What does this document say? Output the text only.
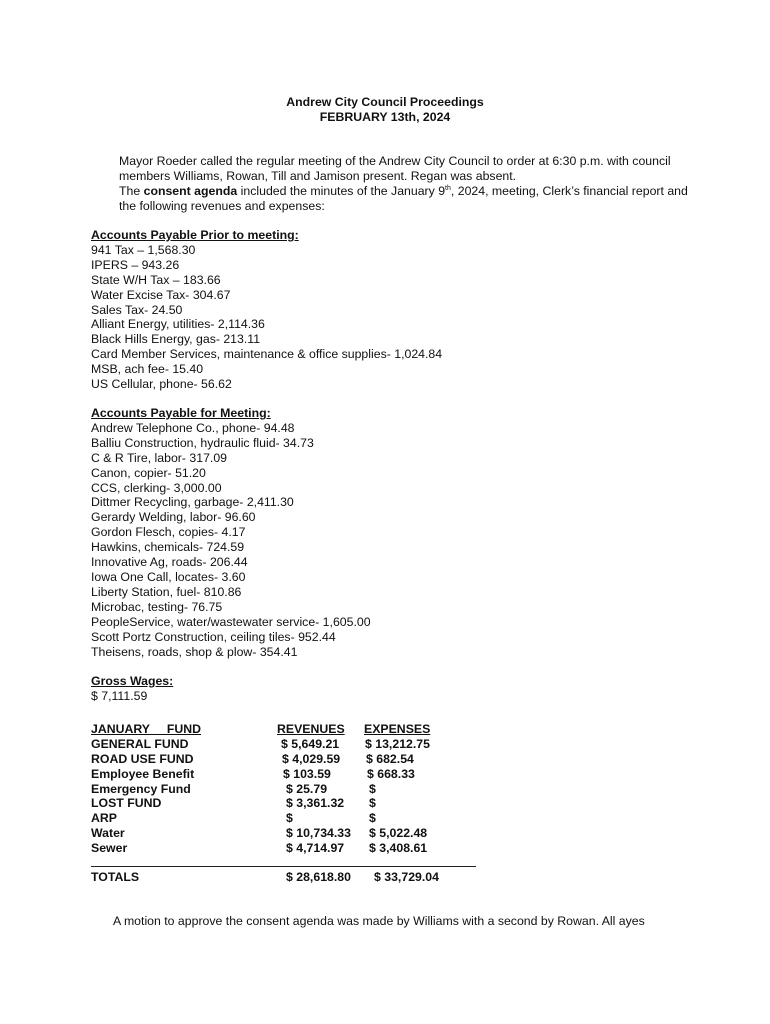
Andrew City Council Proceedings
FEBRUARY 13th, 2024

Mayor Roeder called the regular meeting of the Andrew City Council to order at 6:30 p.m. with council members Williams, Rowan, Till and Jamison present. Regan was absent.

The consent agenda included the minutes of the January 9th, 2024, meeting, Clerk’s financial report and the following revenues and expenses:

Accounts Payable Prior to meeting:
941 Tax – 1,568.30
IPERS – 943.26
State W/H Tax – 183.66
Water Excise Tax- 304.67
Sales Tax- 24.50
Alliant Energy, utilities- 2,114.36
Black Hills Energy, gas- 213.11
Card Member Services, maintenance & office supplies- 1,024.84
MSB, ach fee- 15.40
US Cellular, phone- 56.62
Accounts Payable for Meeting:
Andrew Telephone Co., phone- 94.48
Balliu Construction, hydraulic fluid- 34.73
C & R Tire, labor- 317.09
Canon, copier- 51.20
CCS, clerking- 3,000.00
Dittmer Recycling, garbage- 2,411.30
Gerardy Welding, labor- 96.60
Gordon Flesch, copies- 4.17
Hawkins, chemicals- 724.59
Innovative Ag, roads- 206.44
Iowa One Call, locates- 3.60
Liberty Station, fuel- 810.86
Microbac, testing- 76.75
PeopleService, water/wastewater service- 1,605.00
Scott Portz Construction, ceiling tiles- 952.44
Theisens, roads, shop & plow- 354.41
Gross Wages:
$ 7,111.59
JANUARY     FUND	REVENUES EXPENSES
GENERAL FUND	$ 5,649.21 $ 13,212.75
ROAD USE FUND	$ 4,029.59 $ 682.54
Employee Benefit	$ 103.59	$ 668.33
Emergency Fund	$ 25.79	$
LOST FUND	$ 3,361.32 $
ARP	$	$
Water	$ 10,734.33 $ 5,022.48
Sewer	$ 4,714.97 $ 3,408.61
TOTALS	$ 28,618.80 $ 33,729.04
A motion to approve the consent agenda was made by Williams with a second by Rowan. All ayes
